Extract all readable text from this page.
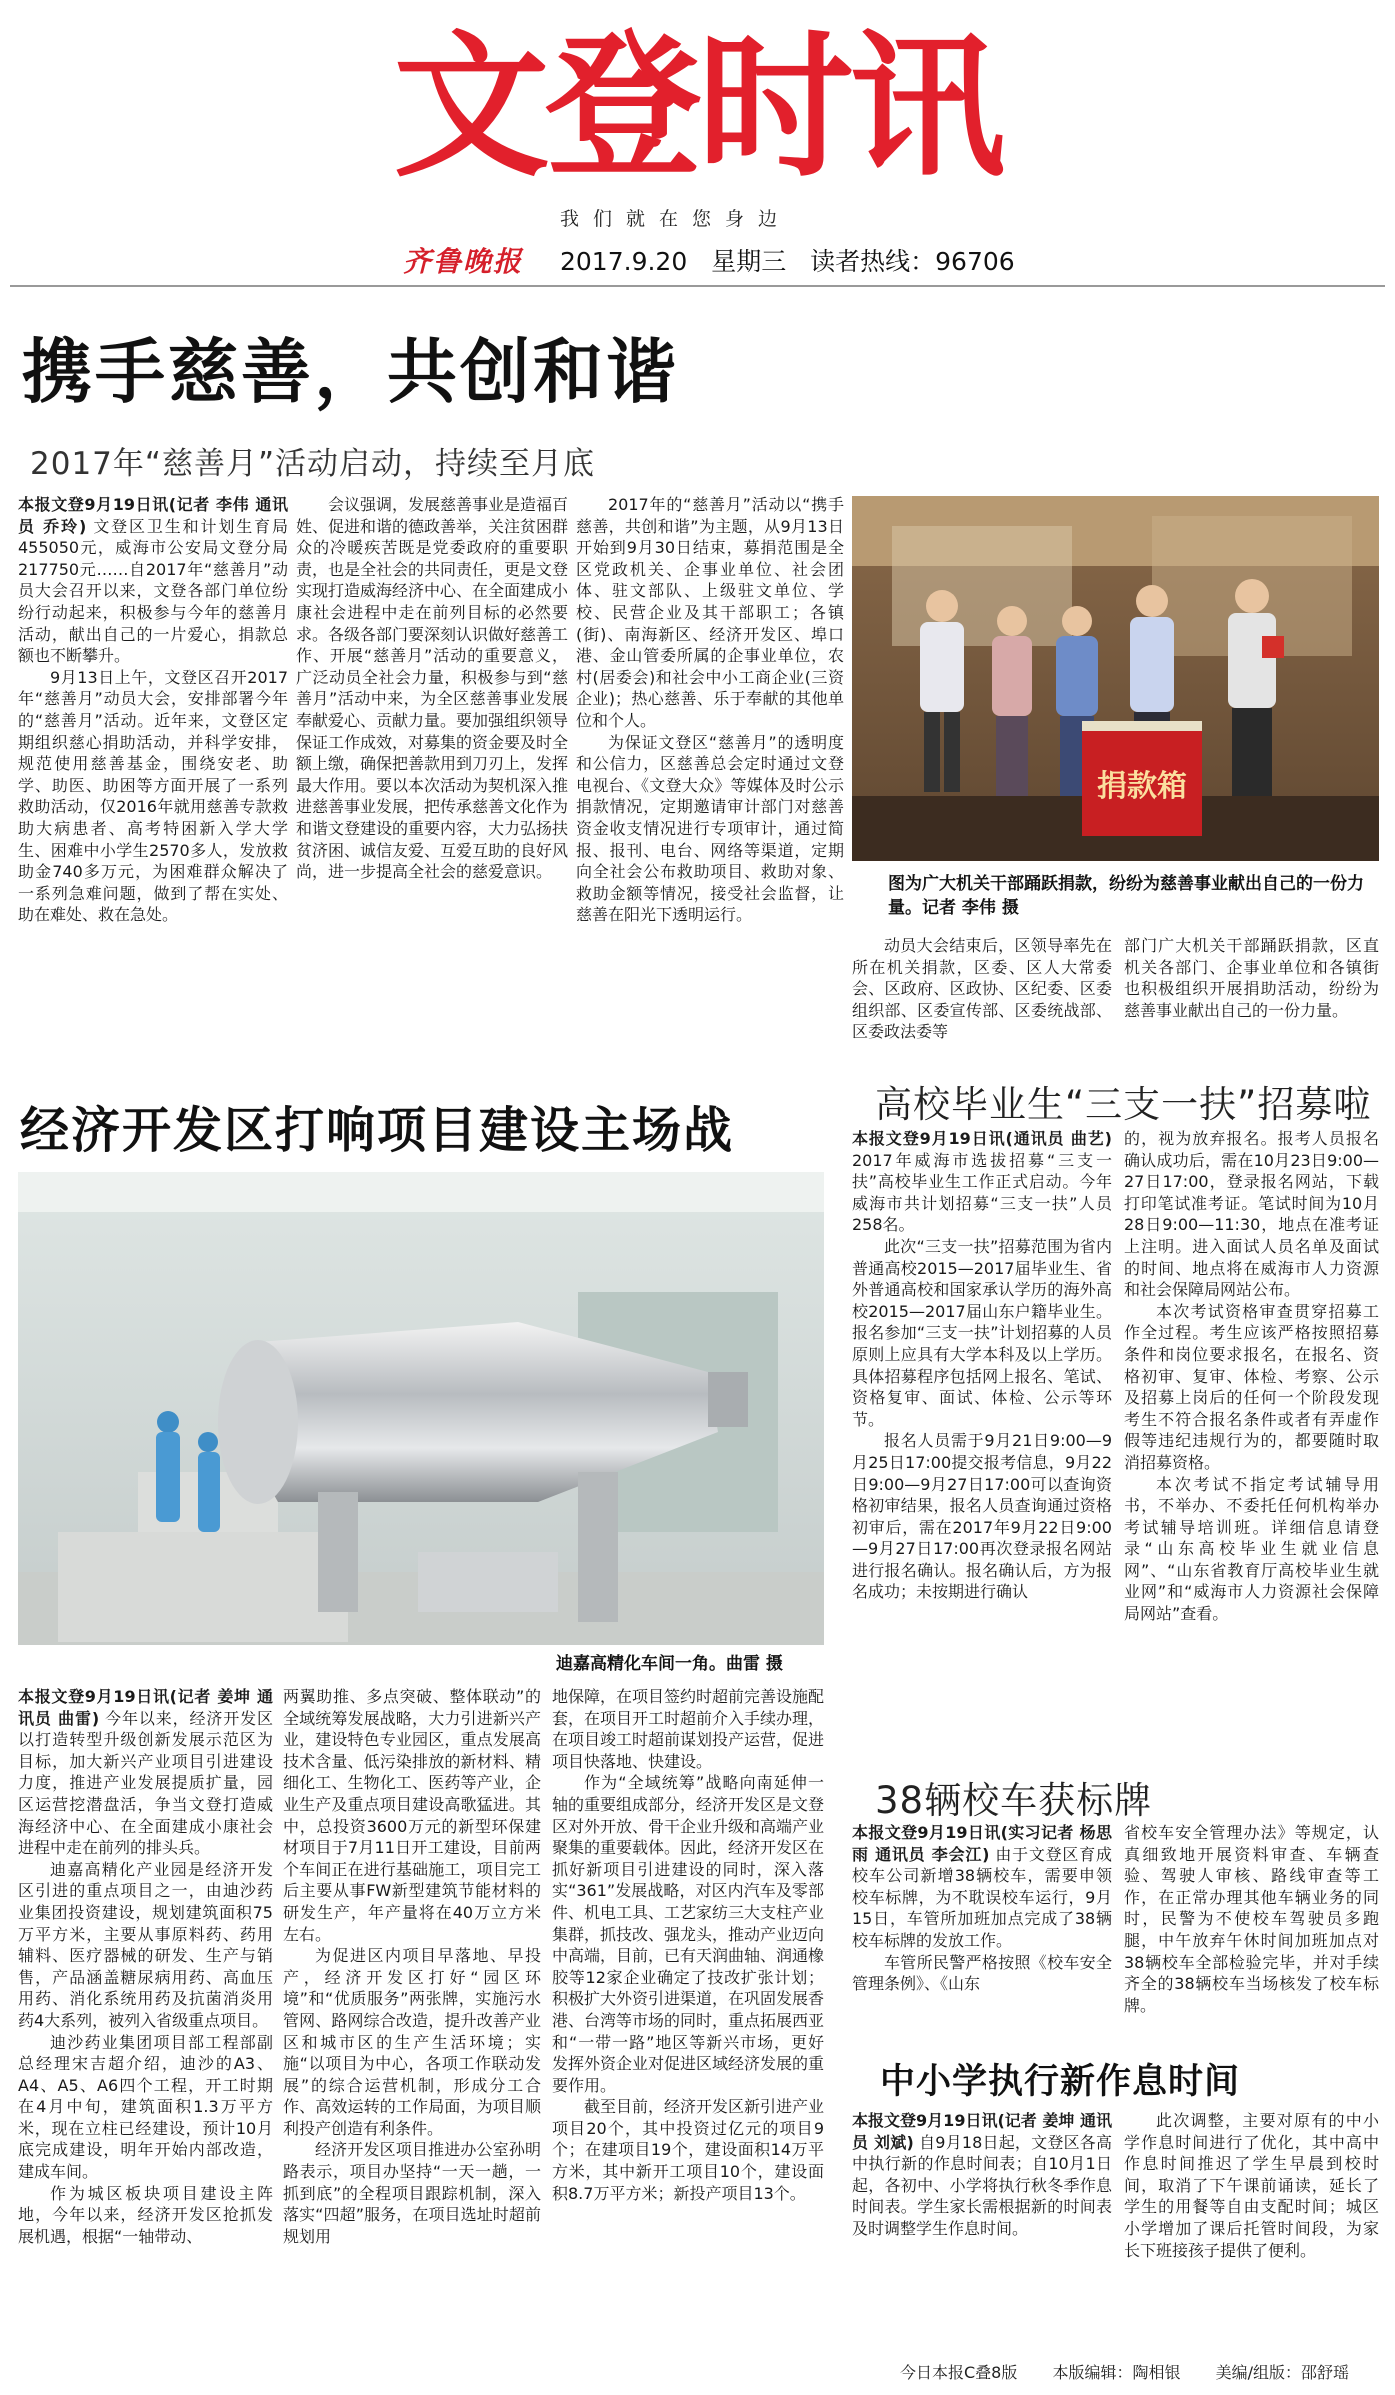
文登时讯
我们就在您身边
齐鲁晚报 2017.9.20 星期三 读者热线：96706
携手慈善，共创和谐
2017年“慈善月”活动启动，持续至月底

本报文登9月19日讯(记者 李伟 通讯员 乔玲) 文登区卫生和计划生育局455050元，威海市公安局文登分局217750元……自2017年“慈善月”动员大会召开以来，文登各部门单位纷纷行动起来，积极参与今年的慈善月活动，献出自己的一片爱心，捐款总额也不断攀升。

9月13日上午，文登区召开2017年“慈善月”动员大会，安排部署今年的“慈善月”活动。近年来，文登区定期组织慈心捐助活动，并科学安排，规范使用慈善基金，围绕安老、助学、助医、助困等方面开展了一系列救助活动，仅2016年就用慈善专款救助大病患者、高考特困新入学大学生、困难中小学生2570多人，发放救助金740多万元，为困难群众解决了一系列急难问题，做到了帮在实处、助在难处、救在急处。

会议强调，发展慈善事业是造福百姓、促进和谐的德政善举，关注贫困群众的冷暖疾苦既是党委政府的重要职责，也是全社会的共同责任，更是文登实现打造威海经济中心、在全面建成小康社会进程中走在前列目标的必然要求。各级各部门要深刻认识做好慈善工作、开展“慈善月”活动的重要意义，广泛动员全社会力量，积极参与到“慈善月”活动中来，为全区慈善事业发展奉献爱心、贡献力量。要加强组织领导保证工作成效，对募集的资金要及时全额上缴，确保把善款用到刀刃上，发挥最大作用。要以本次活动为契机深入推进慈善事业发展，把传承慈善文化作为和谐文登建设的重要内容，大力弘扬扶贫济困、诚信友爱、互爱互助的良好风尚，进一步提高全社会的慈爱意识。

2017年的“慈善月”活动以“携手慈善，共创和谐”为主题，从9月13日开始到9月30日结束，募捐范围是全区党政机关、企事业单位、社会团体、驻文部队、上级驻文单位、学校、民营企业及其干部职工；各镇(街)、南海新区、经济开发区、埠口港、金山管委所属的企事业单位，农村(居委会)和社会中小工商企业(三资企业)；热心慈善、乐于奉献的其他单位和个人。

为保证文登区“慈善月”的透明度和公信力，区慈善总会定时通过文登电视台、《文登大众》等媒体及时公示捐款情况，定期邀请审计部门对慈善资金收支情况进行专项审计，通过简报、报刊、电台、网络等渠道，定期向全社会公布救助项目、救助对象、救助金额等情况，接受社会监督，让慈善在阳光下透明运行。

捐款箱
图为广大机关干部踊跃捐款，纷纷为慈善事业献出自己的一份力量。记者 李伟 摄

动员大会结束后，区领导率先在所在机关捐款，区委、区人大常委会、区政府、区政协、区纪委、区委组织部、区委宣传部、区委统战部、区委政法委等

部门广大机关干部踊跃捐款，区直机关各部门、企事业单位和各镇街也积极组织开展捐助活动，纷纷为慈善事业献出自己的一份力量。

经济开发区打响项目建设主场战
迪嘉高精化车间一角。曲雷 摄

本报文登9月19日讯(记者 姜坤 通讯员 曲雷) 今年以来，经济开发区以打造转型升级创新发展示范区为目标，加大新兴产业项目引进建设力度，推进产业发展提质扩量，园区运营挖潜盘活，争当文登打造威海经济中心、在全面建成小康社会进程中走在前列的排头兵。

迪嘉高精化产业园是经济开发区引进的重点项目之一，由迪沙药业集团投资建设，规划建筑面积75万平方米，主要从事原料药、药用辅料、医疗器械的研发、生产与销售，产品涵盖糖尿病用药、高血压用药、消化系统用药及抗菌消炎用药4大系列，被列入省级重点项目。

迪沙药业集团项目部工程部副总经理宋吉超介绍，迪沙的A3、A4、A5、A6四个工程，开工时期在4月中旬，建筑面积1.3万平方米，现在立柱已经建设，预计10月底完成建设，明年开始内部改造，建成车间。

作为城区板块项目建设主阵地，今年以来，经济开发区抢抓发展机遇，根据“一轴带动、

两翼助推、多点突破、整体联动”的全域统筹发展战略，大力引进新兴产业，建设特色专业园区，重点发展高技术含量、低污染排放的新材料、精细化工、生物化工、医药等产业，企业生产及重点项目建设高歌猛进。其中，总投资3600万元的新型环保建材项目于7月11日开工建设，目前两个车间正在进行基础施工，项目完工后主要从事FW新型建筑节能材料的研发生产，年产量将在40万立方米左右。

为促进区内项目早落地、早投产，经济开发区打好“园区环境”和“优质服务”两张牌，实施污水管网、路网综合改造，提升改善产业区和城市区的生产生活环境；实施“以项目为中心，各项工作联动发展”的综合运营机制，形成分工合作、高效运转的工作局面，为项目顺利投产创造有利条件。

经济开发区项目推进办公室孙明路表示，项目办坚持“一天一趟，一抓到底”的全程项目跟踪机制，深入落实“四超”服务，在项目选址时超前规划用

地保障，在项目签约时超前完善设施配套，在项目开工时超前介入手续办理，在项目竣工时超前谋划投产运营，促进项目快落地、快建设。

作为“全域统筹”战略向南延伸一轴的重要组成部分，经济开发区是文登区对外开放、骨干企业升级和高端产业聚集的重要载体。因此，经济开发区在抓好新项目引进建设的同时，深入落实“361”发展战略，对区内汽车及零部件、机电工具、工艺家纺三大支柱产业集群，抓技改、强龙头，推动产业迈向中高端，目前，已有天润曲轴、润通橡胶等12家企业确定了技改扩张计划；积极扩大外资引进渠道，在巩固发展香港、台湾等市场的同时，重点拓展西亚和“一带一路”地区等新兴市场，更好发挥外资企业对促进区域经济发展的重要作用。

截至目前，经济开发区新引进产业项目20个，其中投资过亿元的项目9个；在建项目19个，建设面积14万平方米，其中新开工项目10个，建设面积8.7万平方米；新投产项目13个。

高校毕业生“三支一扶”招募啦

本报文登9月19日讯(通讯员 曲艺) 2017年威海市选拔招募“三支一扶”高校毕业生工作正式启动。今年威海市共计划招募“三支一扶”人员258名。

此次“三支一扶”招募范围为省内普通高校2015—2017届毕业生、省外普通高校和国家承认学历的海外高校2015—2017届山东户籍毕业生。报名参加“三支一扶”计划招募的人员原则上应具有大学本科及以上学历。具体招募程序包括网上报名、笔试、资格复审、面试、体检、公示等环节。

报名人员需于9月21日9:00—9月25日17:00提交报考信息，9月22日9:00—9月27日17:00可以查询资格初审结果，报名人员查询通过资格初审后，需在2017年9月22日9:00—9月27日17:00再次登录报名网站进行报名确认。报名确认后，方为报名成功；未按期进行确认

的，视为放弃报名。报考人员报名确认成功后，需在10月23日9:00—27日17:00，登录报名网站，下载打印笔试准考证。笔试时间为10月28日9:00—11:30，地点在准考证上注明。进入面试人员名单及面试的时间、地点将在威海市人力资源和社会保障局网站公布。

本次考试资格审查贯穿招募工作全过程。考生应该严格按照招募条件和岗位要求报名，在报名、资格初审、复审、体检、考察、公示及招募上岗后的任何一个阶段发现考生不符合报名条件或者有弄虚作假等违纪违规行为的，都要随时取消招募资格。

本次考试不指定考试辅导用书，不举办、不委托任何机构举办考试辅导培训班。详细信息请登录“山东高校毕业生就业信息网”、“山东省教育厅高校毕业生就业网”和“威海市人力资源社会保障局网站”查看。

38辆校车获标牌

本报文登9月19日讯(实习记者 杨思雨 通讯员 李会江) 由于文登区育成校车公司新增38辆校车，需要申领校车标牌，为不耽误校车运行，9月15日，车管所加班加点完成了38辆校车标牌的发放工作。

车管所民警严格按照《校车安全管理条例》、《山东

省校车安全管理办法》等规定，认真细致地开展资料审查、车辆查验、驾驶人审核、路线审查等工作，在正常办理其他车辆业务的同时，民警为不使校车驾驶员多跑腿，中午放弃午休时间加班加点对38辆校车全部检验完毕，并对手续齐全的38辆校车当场核发了校车标牌。

中小学执行新作息时间

本报文登9月19日讯(记者 姜坤 通讯员 刘斌) 自9月18日起，文登区各高中执行新的作息时间表；自10月1日起，各初中、小学将执行秋冬季作息时间表。学生家长需根据新的时间表及时调整学生作息时间。

此次调整，主要对原有的中小学作息时间进行了优化，其中高中作息时间推迟了学生早晨到校时间，取消了下午课前诵读，延长了学生的用餐等自由支配时间；城区小学增加了课后托管时间段，为家长下班接孩子提供了便利。

今日本报C叠8版 本版编辑：陶相银 美编/组版：邵舒瑶
